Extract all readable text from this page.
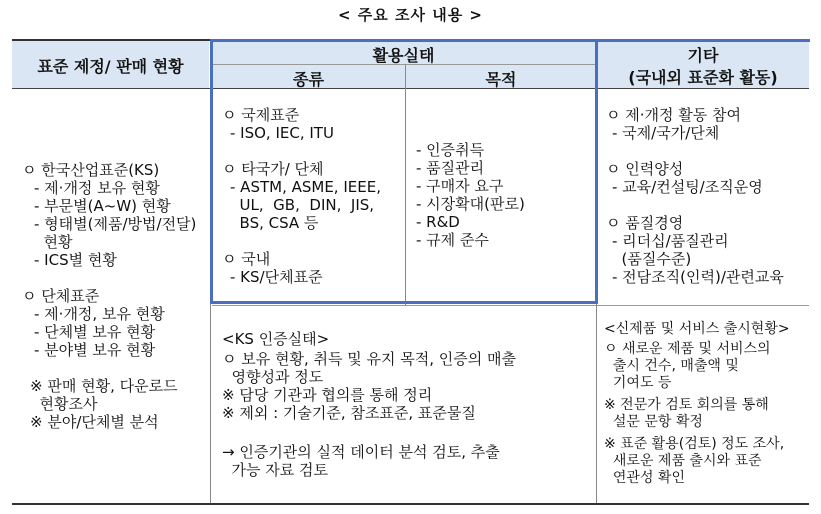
< 주요 조사 내용 >
표준 제정/ 판매 현황
활용실태
종류	목적
기타
(국내외 표준화 활동)
ㅇ 한국산업표준(KS)
- 제·개정 보유 현황
- 부문별(A~W) 현황
- 형태별(제품/방법/전달)
현황
- ICS별 현황
ㅇ 단체표준
- 제·개정, 보유 현황
- 단체별 보유 현황
- 분야별 보유 현황
※ 판매 현황, 다운로드
현황조사
※ 분야/단체별 분석
ㅇ 국제표준
- ISO, IEC, ITU
ㅇ 타국가/ 단체
- ASTM, ASME, IEEE,
UL,  GB,  DIN,  JIS,
BS, CSA 등
ㅇ 국내
- KS/단체표준
- 인증취득
- 품질관리
- 구매자 요구
- 시장확대(판로)
- R&D
- 규제 준수
ㅇ 제·개정 활동 참여
- 국제/국가/단체
ㅇ 인력양성
- 교육/컨설팅/조직운영
ㅇ 품질경영
- 리더십/품질관리
(품질수준)
- 전담조직(인력)/관련교육
<KS 인증실태>
ㅇ 보유 현황, 취득 및 유지 목적, 인증의 매출
영향성과 정도
※ 담당 기관과 협의를 통해 정리
※ 제외 : 기술기준, 참조표준, 표준물질
→ 인증기관의 실적 데이터 분석 검토, 추출
가능 자료 검토
<신제품 및 서비스 출시현황>
ㅇ 새로운 제품 및 서비스의
출시 건수, 매출액 및
기여도 등
※ 전문가 검토 회의를 통해
설문 문항 확정
※ 표준 활용(검토) 정도 조사,
새로운 제품 출시와 표준
연관성 확인
